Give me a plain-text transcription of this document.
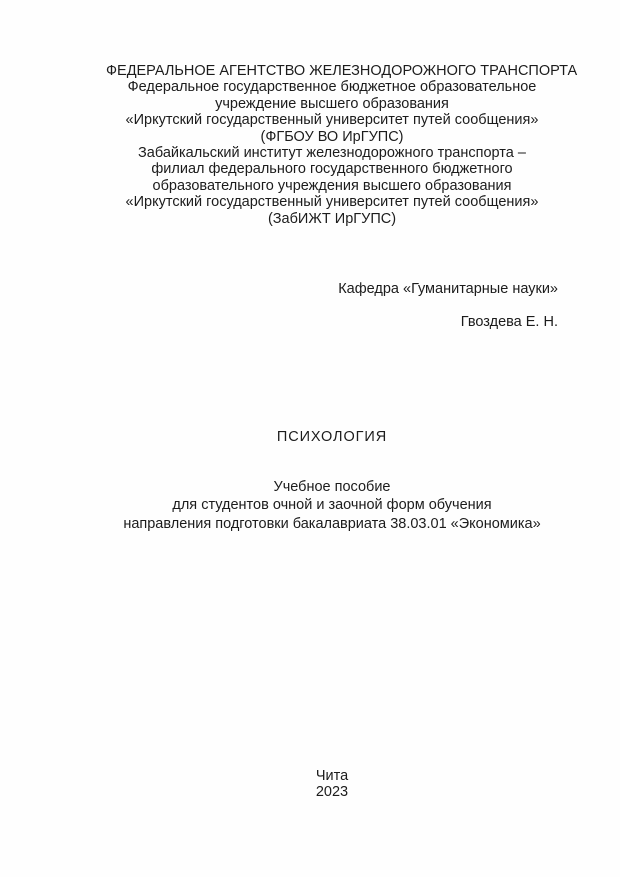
ФЕДЕРАЛЬНОЕ АГЕНТСТВО ЖЕЛЕЗНОДОРОЖНОГО ТРАНСПОРТА
Федеральное государственное бюджетное образовательное
учреждение высшего образования
«Иркутский государственный университет путей сообщения»
(ФГБОУ ВО ИрГУПС)
Забайкальский институт железнодорожного транспорта –
филиал федерального государственного бюджетного
образовательного учреждения высшего образования
«Иркутский государственный университет путей сообщения»
(ЗабИЖТ ИрГУПС)
Кафедра «Гуманитарные науки»
Гвоздева Е. Н.
ПСИХОЛОГИЯ
Учебное пособие
для студентов очной и заочной форм обучения
направления подготовки бакалавриата 38.03.01 «Экономика»
Чита
2023
